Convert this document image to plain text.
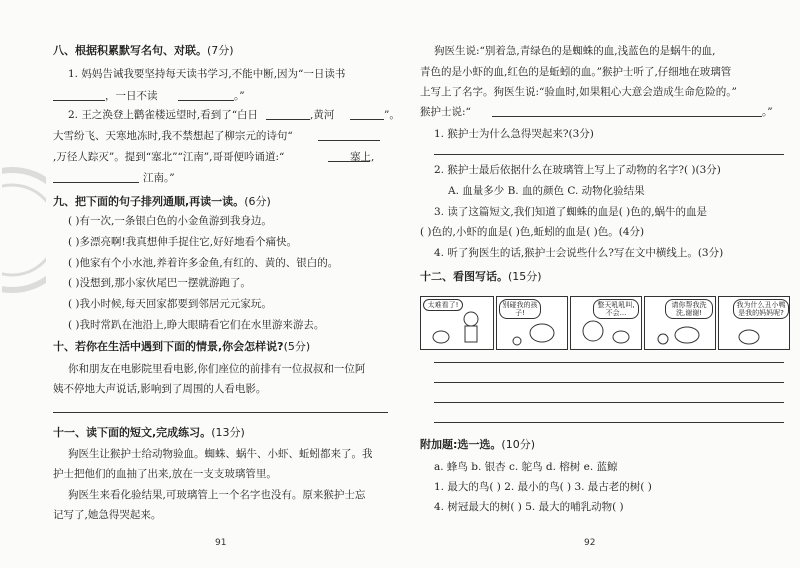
八、根据积累默写名句、对联。(7分)
1. 妈妈告诫我要坚持每天读书学习,不能中断,因为“一日读书
，一日不读	。”
2. 王之涣登上鹳雀楼远望时,看到了“白日	,黄河	”。
大雪纷飞、天寒地冻时,我不禁想起了柳宗元的诗句“
,万径人踪灭”。提到“塞北”“江南”,哥哥便吟诵道:“	塞上,
江南。”
九、把下面的句子排列通顺,再读一读。(6分)
( )有一次,一条银白色的小金鱼游到我身边。
( )多漂亮啊!我真想伸手捉住它,好好地看个痛快。
( )他家有个小水池,养着许多金鱼,有红的、黄的、银白的。
( )没想到,那小家伙尾巴一摆就游跑了。
( )我小时候,每天回家都要到邻居元元家玩。
( )我时常趴在池沿上,睁大眼睛看它们在水里游来游去。
十、若你在生活中遇到下面的情景,你会怎样说?(5分)
你和朋友在电影院里看电影,你们座位的前排有一位叔叔和一位阿
姨不停地大声说话,影响到了周围的人看电影。
十一、读下面的短文,完成练习。(13分)
狗医生让猴护士给动物验血。蜘蛛、蜗牛、小虾、蚯蚓都来了。我
护士把他们的血抽了出来,放在一支支玻璃管里。
狗医生来看化验结果,可玻璃管上一个名字也没有。原来猴护士忘
记写了,她急得哭起来。
91
狗医生说:“别着急,青绿色的是蜘蛛的血,浅蓝色的是蜗牛的血,
青色的是小虾的血,红色的是蚯蚓的血。”猴护士听了,仔细地在玻璃管
上写上了名字。狗医生说:“验血时,如果粗心大意会造成生命危险的。”
猴护士说:“	。”
1. 猴护士为什么急得哭起来?(3分)
2. 猴护士最后依据什么在玻璃管上写上了动物的名字?( )(3分)
A. 血量多少 B. 血的颜色 C. 动物化验结果
3. 读了这篇短文,我们知道了蜘蛛的血是( )色的,蜗牛的血是
( )色的,小虾的血是( )色,蚯蚓的血是( )色。(4分)
4. 听了狗医生的话,猴护士会说些什么?写在文中横线上。(3分)
十二、看图写话。(15分)
太难看了!	别碰我的孩子!
整天吼吼叫,不会...
请你帮我洗洗,谢谢!
我为什么丑小鸭是我的妈妈呢?
附加题:选一选。(10分)
a. 蜂鸟 b. 银杏 c. 鸵鸟 d. 榕树 e. 蓝鲸
1. 最大的鸟( ) 2. 最小的鸟( ) 3. 最古老的树( )
4. 树冠最大的树( ) 5. 最大的哺乳动物( )
92
